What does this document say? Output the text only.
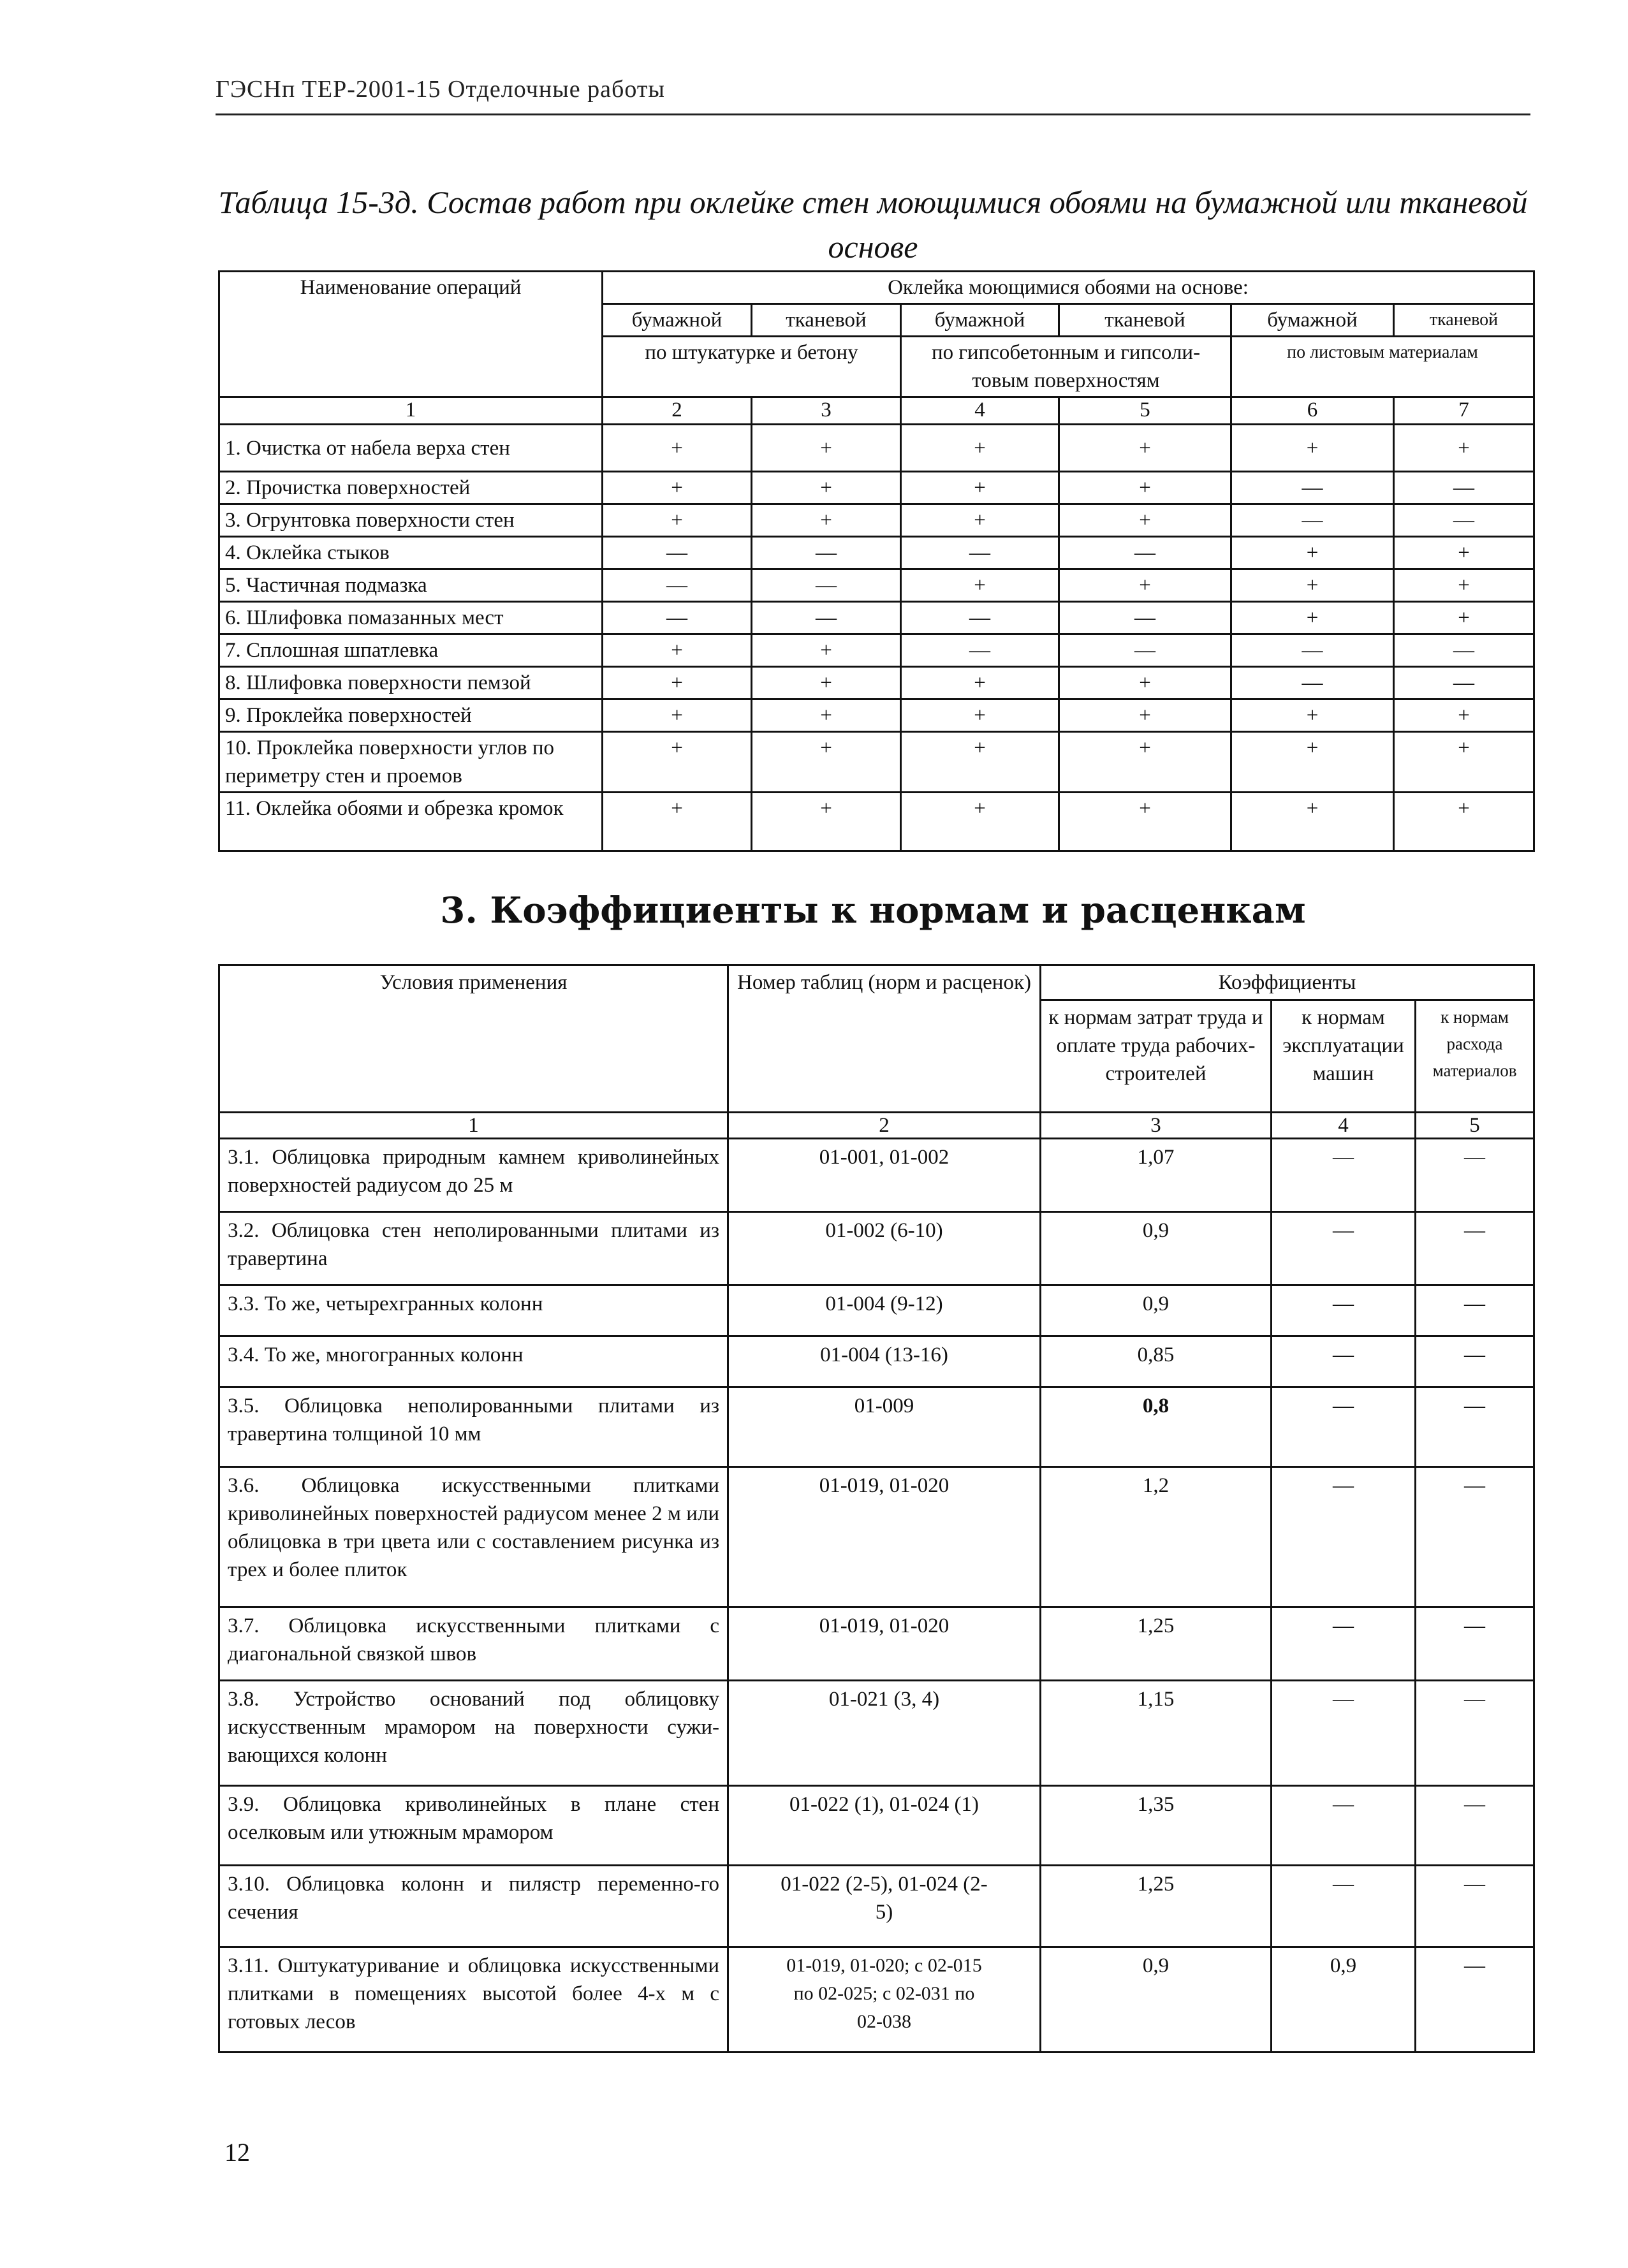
ГЭСНп ТЕР-2001-15 Отделочные работы
Таблица 15-3д. Состав работ при оклейке стен моющимися обоями на бумажной или тканевой основе
Наименование операций	Оклейка моющимися обоями на основе:					
	бумажной	тканевой	бумажной	тканевой	бумажной	тканевой
	по штукатурке и бетону		по гипсобетонным и гипсоли-товым поверхностям		по листовым материалам	
1	2	3	4	5	6	7
1. Очистка от набела верха стен	+	+	+	+	+	+
2. Прочистка поверхностей	+	+	+	+	—	—
3. Огрунтовка поверхности стен	+	+	+	+	—	—
4. Оклейка стыков	—	—	—	—	+	+
5. Частичная подмазка	—	—	+	+	+	+
6. Шлифовка помазанных мест	—	—	—	—	+	+
7. Сплошная шпатлевка	+	+	—	—	—	—
8. Шлифовка поверхности пемзой	+	+	+	+	—	—
9. Проклейка поверхностей	+	+	+	+	+	+
10. Проклейка поверхности углов по периметру стен и проемов	+	+	+	+	+	+
11. Оклейка обоями и обрезка кромок	+	+	+	+	+	+
3. Коэффициенты к нормам и расценкам
Условия применения	Номер таблиц (норм и расценок)	Коэффициенты		
		к нормам затрат труда и оплате труда рабочих-строителей	к нормам эксплуатации машин	к нормам расхода материалов
1	2	3	4	5
3.1. Облицовка природным камнем криволинейных поверхностей радиусом до 25 м	01-001, 01-002	1,07	—	—
3.2. Облицовка стен неполированными плитами из травертина	01-002 (6-10)	0,9	—	—
3.3. То же, четырехгранных колонн	01-004 (9-12)	0,9	—	—
3.4. То же, многогранных колонн	01-004 (13-16)	0,85	—	—
3.5. Облицовка неполированными плитами из травертина толщиной 10 мм	01-009	0,8	—	—
3.6. Облицовка искусственными плитками криволинейных поверхностей радиусом менее 2 м или облицовка в три цвета или с составлением рисунка из трех и более плиток	01-019, 01-020	1,2	—	—
3.7. Облицовка искусственными плитками с диагональной связкой швов	01-019, 01-020	1,25	—	—
3.8. Устройство оснований под облицовку искусственным мрамором на поверхности сужи-вающихся колонн	01-021 (3, 4)	1,15	—	—
3.9. Облицовка криволинейных в плане стен оселковым или утюжным мрамором	01-022 (1), 01-024 (1)	1,35	—	—
3.10. Облицовка колонн и пилястр переменно-го сечения	01-022 (2-5), 01-024 (2-5)	1,25	—	—
3.11. Оштукатуривание и облицовка искусственными плитками в помещениях высотой более 4-х м с готовых лесов	01-019, 01-020; с 02-015 по 02-025; с 02-031 по 02-038	0,9	0,9	—
12
